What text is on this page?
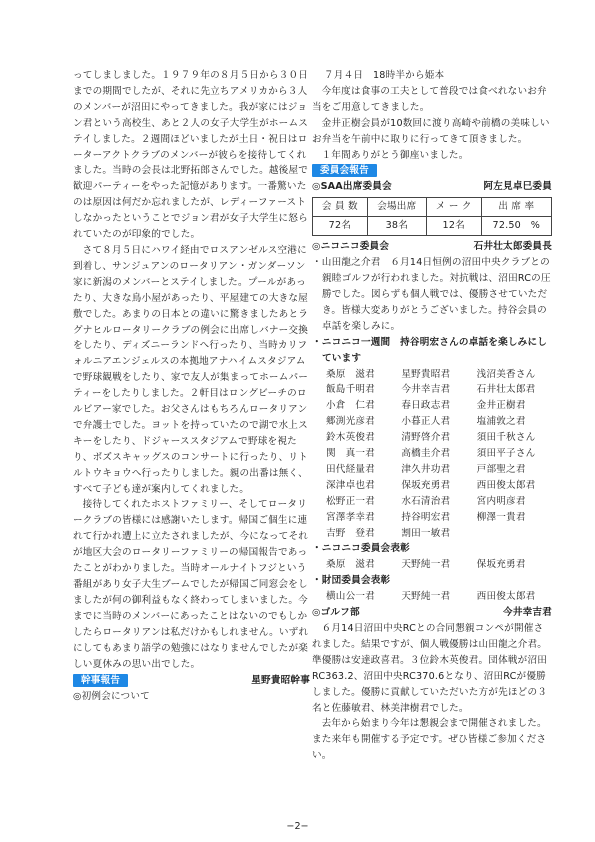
ってしましました。１９７９年の８月５日から３０日までの期間でしたが、それに先立ちアメリカから３人のメンバーが沼田にやってきました。我が家にはジョン君という高校生、あと２人の女子大学生がホームステイしました。２週間ほどいましたが土日・祝日はローターアクトクラブのメンバーが彼らを接待してくれました。当時の会長は北野拓郎さんでした。越後屋で歓迎パーティーをやった記憶があります。一番驚いたのは原因は何だか忘れましたが、レディーファーストしなかったということでジョン君が女子大学生に怒られていたのが印象的でした。

さて８月５日にハワイ経由でロスアンゼルス空港に到着し、サンジュアンのロータリアン・ガンダーソン家に新潟のメンバーとステイしました。プールがあったり、大きな鳥小屋があったり、平屋建ての大きな屋敷でした。あまりの日本との違いに驚きましたあとラグナヒルロータリークラブの例会に出席しバナー交換をしたり、ディズニーランドへ行ったり、当時カリフォルニアエンジェルスの本拠地アナハイムスタジアムで野球観戦をしたり、家で友人が集まってホームパーティーをしたりしました。２軒目はロングビーチのロルビアー家でした。お父さんはもちろんロータリアンで弁護士でした。ヨットを持っていたので湖で水上スキーをしたり、ドジャーススタジアムで野球を視たり、ボズスキャッグスのコンサートに行ったり、リトルトウキョウへ行ったりしました。親の出番は無く、すべて子ども達が案内してくれました。

接待してくれたホストファミリー、そしてロータリークラブの皆様には感謝いたします。帰国ご個生に連れて行かれ遭上に立たされましたが、今になってそれが地区大会のロータリーファミリーの帰国報告であったことがわかりました。当時オールナイトフジという番組があり女子大生ブームでしたが帰国ご同窓会をしましたが何の御利益もなく終わってしまいました。今までに当時のメンバーにあったことはないのでもしかしたらロータリアンは私だけかもしれません。いずれにしてもあまり語学の勉強にはなりませんでしたが楽しい夏休みの思い出でした。

幹事報告	星野貴昭幹事
◎初例会について
７月４日　18時半から姫本

今年度は食事の工夫として普段では食べれないお弁当をご用意してきました。

金井正樹会員が10数回に渡り高崎や前橋の美味しいお弁当を午前中に取りに行ってきて頂きました。

１年間ありがとう御座いました。

委員会報告
◎SAA出席委員会	阿左見卓巳委員
会 員 数	会場出席	メ ー ク	出 席 率
72名	38名	12名	72.50　%
◎ニコニコ委員会	石井壮太郎委員長
・山田龍之介君　６月14日恒例の沼田中央クラブとの親睦ゴルフが行われました。対抗戦は、沼田RCの圧勝でした。図らずも個人戦では、優勝させていただき。皆様大変ありがとうございました。持谷会員の卓話を楽しみに。
・ニコニコ一週間　持谷明宏さんの卓話を楽しみにしています
桑原　滋君	星野貴昭君	浅沼美香さん
飯島千明君	今井幸吉君	石井壮太郎君
小倉　仁君	春日政志君	金井正樹君
郷渕光彦君	小暮正人君	塩浦敦之君
鈴木英俊君	清野啓介君	須田千秋さん
関　真一君	高橋圭介君	須田平子さん
田代経量君	津久井功君	戸部聖之君
深津卓也君	保坂充勇君	西田俊太郎君
松野正一君	水石清治君	宮内明彦君
宮澤孝幸君	持谷明宏君	柳澤一貴君
吉野　登君	割田一敏君
・ニコニコ委員会表彰
桑原　滋君	天野純一君	保坂充勇君
・財団委員会表彰
横山公一君	天野純一君	西田俊太郎君
◎ゴルフ部	今井幸吉君

６月14日沼田中央RCとの合同懇親コンペが開催されました。結果ですが、個人戦優勝は山田龍之介君。準優勝は安達政喜君。３位鈴木英俊君。団体戦が沼田RC363.2、沼田中央RC370.6となり、沼田RCが優勝しました。優勝に貢献していただいた方が先ほどの３名と佐藤敏君、林美津樹君でした。

去年から始まり今年は懇親会まで開催されました。また来年も開催する予定です。ぜひ皆様ご参加ください。

−2−
